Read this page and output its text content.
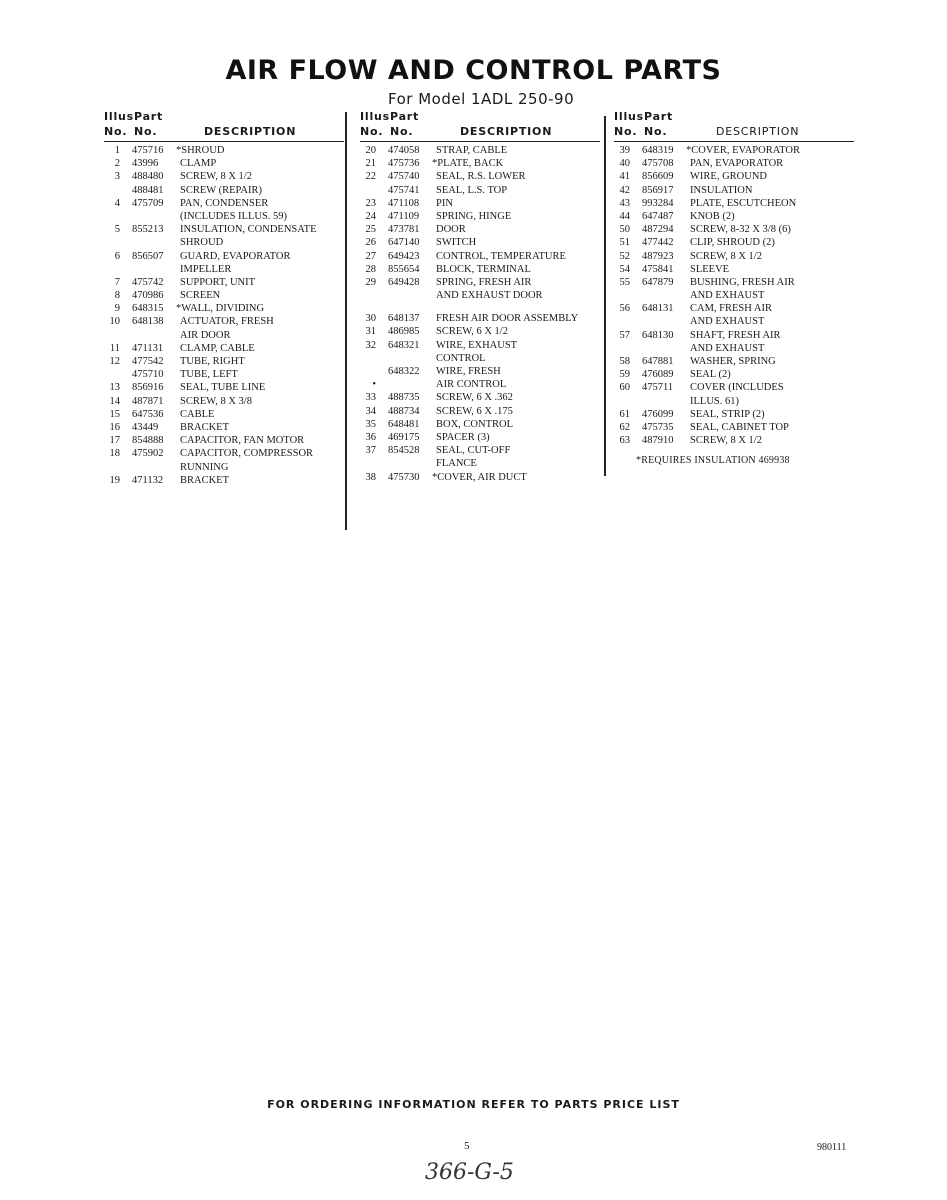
AIR FLOW AND CONTROL PARTS
For Model 1ADL 250-90
Illus.
Part
No. No.	DESCRIPTION
1 475716 *SHROUD
2 43996 CLAMP
3 488480 SCREW, 8 X 1/2
488481 SCREW (REPAIR)
4 475709 PAN, CONDENSER
(INCLUDES ILLUS. 59)
5 855213 INSULATION, CONDENSATE
SHROUD
6 856507 GUARD, EVAPORATOR
IMPELLER
7 475742 SUPPORT, UNIT
8 470986 SCREEN
9 648315 *WALL, DIVIDING
10 648138 ACTUATOR, FRESH
AIR DOOR
11 471131 CLAMP, CABLE
12 477542 TUBE, RIGHT
475710 TUBE, LEFT
13 856916 SEAL, TUBE LINE
14 487871 SCREW, 8 X 3/8
15 647536 CABLE
16 43449 BRACKET
17 854888 CAPACITOR, FAN MOTOR
18 475902 CAPACITOR, COMPRESSOR
RUNNING
19 471132 BRACKET
Illus.
Part
No. No.	DESCRIPTION
20 474058 STRAP, CABLE
21 475736 *PLATE, BACK
22 475740 SEAL, R.S. LOWER
475741 SEAL, L.S. TOP
23 471108 PIN
24 471109 SPRING, HINGE
25 473781 DOOR
26 647140 SWITCH
27 649423 CONTROL, TEMPERATURE
28 855654 BLOCK, TERMINAL
29 649428 SPRING, FRESH AIR
AND EXHAUST DOOR
30 648137 FRESH AIR DOOR ASSEMBLY
31 486985 SCREW, 6 X 1/2
32 648321 WIRE, EXHAUST
CONTROL
648322 WIRE, FRESH
•	AIR CONTROL
33 488735 SCREW, 6 X .362
34 488734 SCREW, 6 X .175
35 648481 BOX, CONTROL
36 469175 SPACER (3)
37 854528 SEAL, CUT-OFF
FLANCE
38 475730 *COVER, AIR DUCT
Illus.
Part
No. No.	DESCRIPTION
39 648319 *COVER, EVAPORATOR
40 475708 PAN, EVAPORATOR
41 856609 WIRE, GROUND
42 856917 INSULATION
43 993284 PLATE, ESCUTCHEON
44 647487 KNOB (2)
50 487294 SCREW, 8-32 X 3/8 (6)
51 477442 CLIP, SHROUD (2)
52 487923 SCREW, 8 X 1/2
54 475841 SLEEVE
55 647879 BUSHING, FRESH AIR
AND EXHAUST
56 648131 CAM, FRESH AIR
AND EXHAUST
57 648130 SHAFT, FRESH AIR
AND EXHAUST
58 647881 WASHER, SPRING
59 476089 SEAL (2)
60 475711 COVER (INCLUDES
ILLUS. 61)
61 476099 SEAL, STRIP (2)
62 475735 SEAL, CABINET TOP
63 487910 SCREW, 8 X 1/2
*REQUIRES INSULATION 469938
FOR ORDERING INFORMATION REFER TO PARTS PRICE LIST
5	980111
366-G-5
